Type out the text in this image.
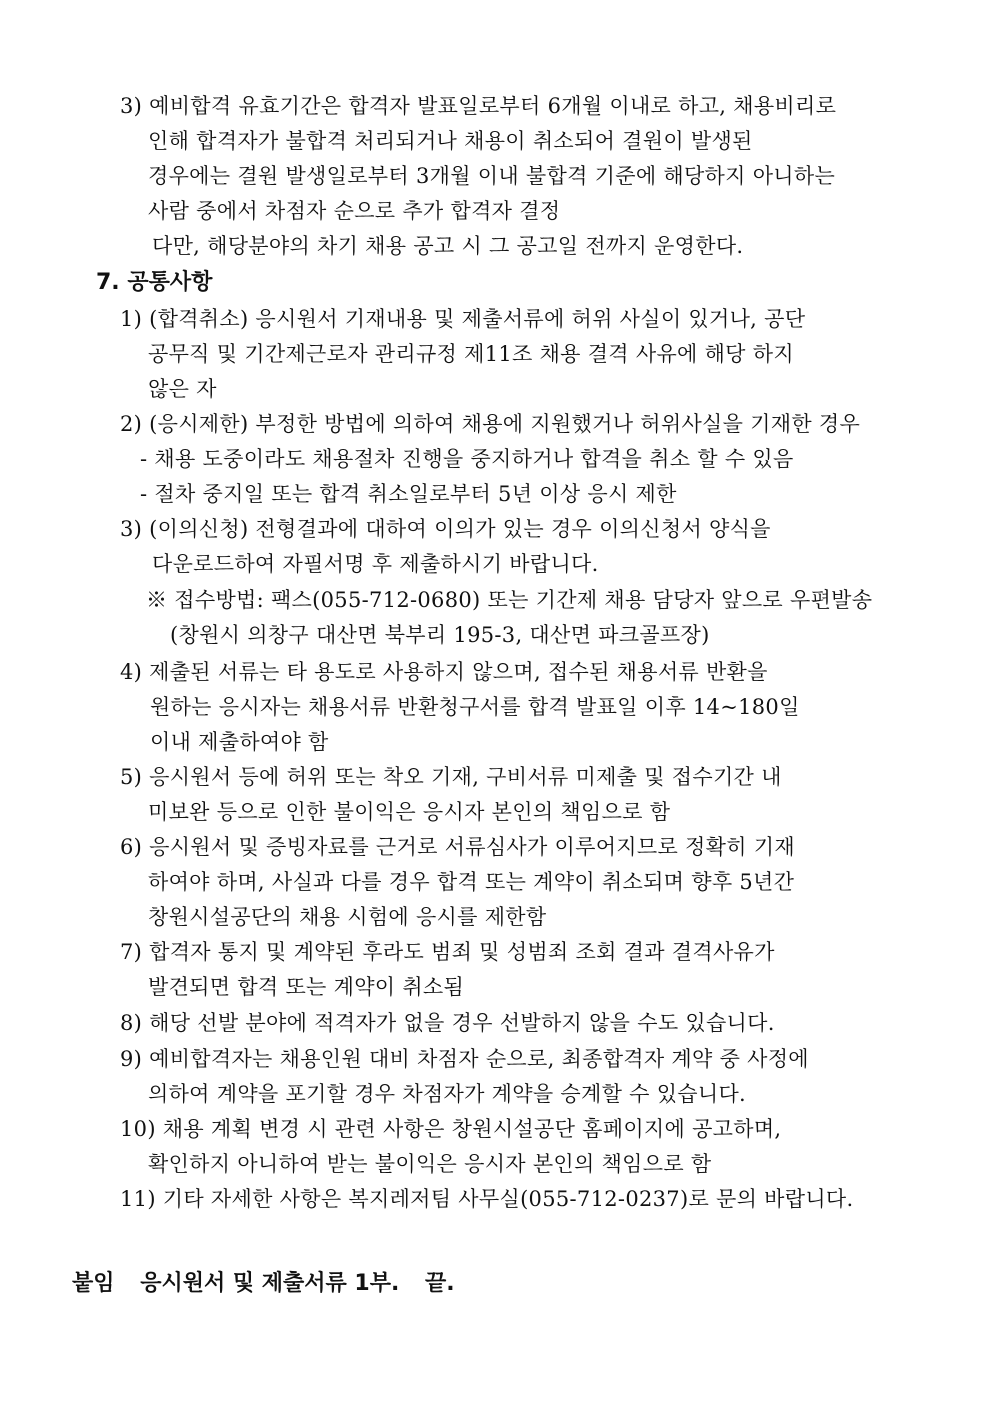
3) 예비합격 유효기간은 합격자 발표일로부터 6개월 이내로 하고, 채용비리로
인해 합격자가 불합격 처리되거나 채용이 취소되어 결원이 발생된
경우에는 결원 발생일로부터 3개월 이내 불합격 기준에 해당하지 아니하는
사람 중에서 차점자 순으로 추가 합격자 결정
다만, 해당분야의 차기 채용 공고 시 그 공고일 전까지 운영한다.
7. 공통사항
1) (합격취소) 응시원서 기재내용 및 제출서류에 허위 사실이 있거나, 공단
공무직 및 기간제근로자 관리규정 제11조 채용 결격 사유에 해당 하지
않은 자
2) (응시제한) 부정한 방법에 의하여 채용에 지원했거나 허위사실을 기재한 경우
- 채용 도중이라도 채용절차 진행을 중지하거나 합격을 취소 할 수 있음
- 절차 중지일 또는 합격 취소일로부터 5년 이상 응시 제한
3) (이의신청) 전형결과에 대하여 이의가 있는 경우 이의신청서 양식을
다운로드하여 자필서명 후 제출하시기 바랍니다.
※ 접수방법: 팩스(055-712-0680) 또는 기간제 채용 담당자 앞으로 우편발송
(창원시 의창구 대산면 북부리 195-3, 대산면 파크골프장)
4) 제출된 서류는 타 용도로 사용하지 않으며, 접수된 채용서류 반환을
원하는 응시자는 채용서류 반환청구서를 합격 발표일 이후 14~180일
이내 제출하여야 함
5) 응시원서 등에 허위 또는 착오 기재, 구비서류 미제출 및 접수기간 내
미보완 등으로 인한 불이익은 응시자 본인의 책임으로 함
6) 응시원서 및 증빙자료를 근거로 서류심사가 이루어지므로 정확히 기재
하여야 하며, 사실과 다를 경우 합격 또는 계약이 취소되며 향후 5년간
창원시설공단의 채용 시험에 응시를 제한함
7) 합격자 통지 및 계약된 후라도 범죄 및 성범죄 조회 결과 결격사유가
발견되면 합격 또는 계약이 취소됨
8) 해당 선발 분야에 적격자가 없을 경우 선발하지 않을 수도 있습니다.
9) 예비합격자는 채용인원 대비 차점자 순으로, 최종합격자 계약 중 사정에
의하여 계약을 포기할 경우 차점자가 계약을 승계할 수 있습니다.
10) 채용 계획 변경 시 관련 사항은 창원시설공단 홈페이지에 공고하며,
확인하지 아니하여 받는 불이익은 응시자 본인의 책임으로 함
11) 기타 자세한 사항은 복지레저팀 사무실(055-712-0237)로 문의 바랍니다.
붙임 응시원서 및 제출서류 1부. 끝.
